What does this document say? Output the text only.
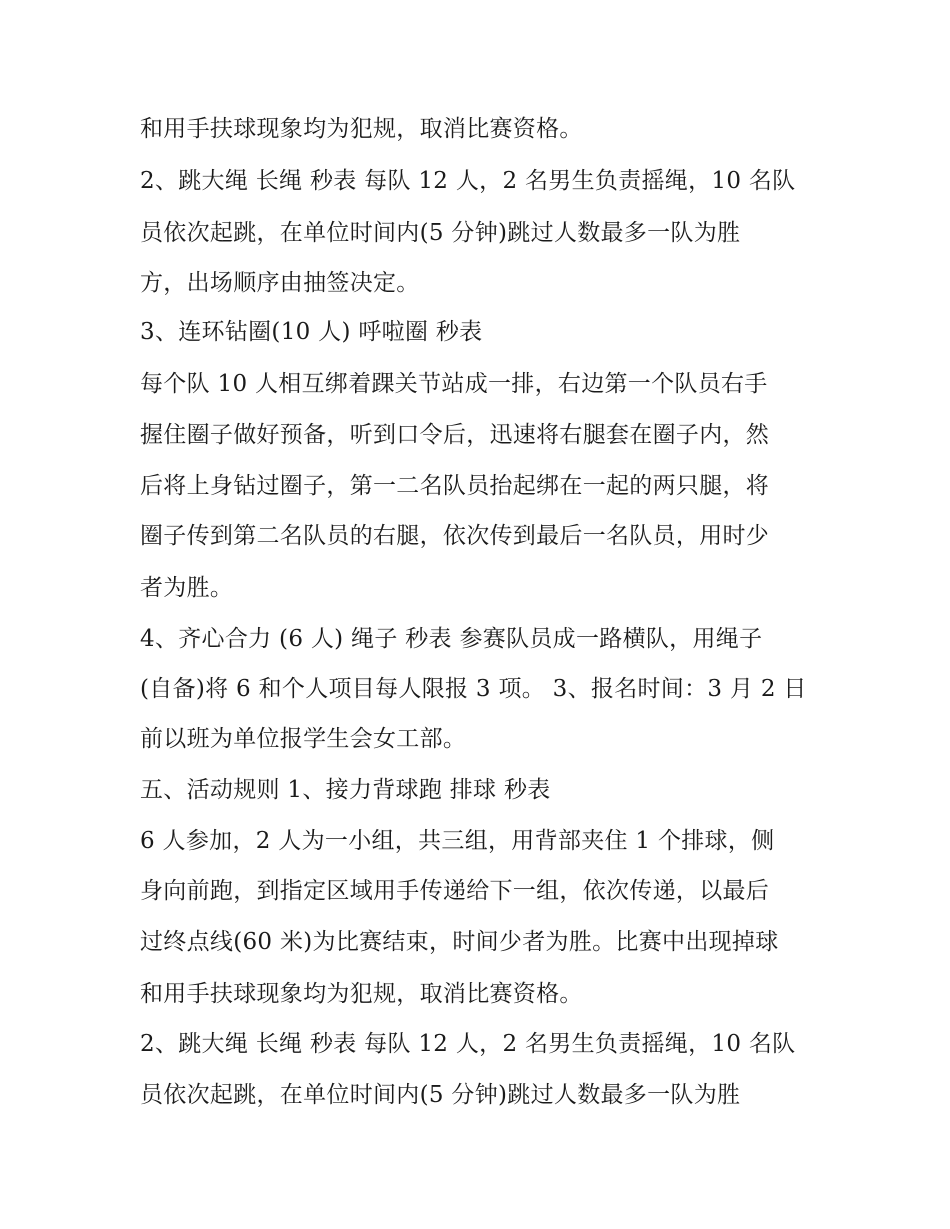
和用手扶球现象均为犯规，取消比赛资格。
2、跳大绳 长绳 秒表 每队 12 人，2 名男生负责摇绳，10 名队
员依次起跳，在单位时间内(5 分钟)跳过人数最多一队为胜
方，出场顺序由抽签决定。
3、连环钻圈(10 人) 呼啦圈 秒表
每个队 10 人相互绑着踝关节站成一排，右边第一个队员右手
握住圈子做好预备，听到口令后，迅速将右腿套在圈子内，然
后将上身钻过圈子，第一二名队员抬起绑在一起的两只腿，将
圈子传到第二名队员的右腿，依次传到最后一名队员，用时少
者为胜。
4、齐心合力 (6 人) 绳子 秒表 参赛队员成一路横队，用绳子
(自备)将 6 和个人项目每人限报 3 项。 3、报名时间：3 月 2 日
前以班为单位报学生会女工部。
五、活动规则 1、接力背球跑 排球 秒表
6 人参加，2 人为一小组，共三组，用背部夹住 1 个排球，侧
身向前跑，到指定区域用手传递给下一组，依次传递，以最后
过终点线(60 米)为比赛结束，时间少者为胜。比赛中出现掉球
和用手扶球现象均为犯规，取消比赛资格。
2、跳大绳 长绳 秒表 每队 12 人，2 名男生负责摇绳，10 名队
员依次起跳，在单位时间内(5 分钟)跳过人数最多一队为胜
